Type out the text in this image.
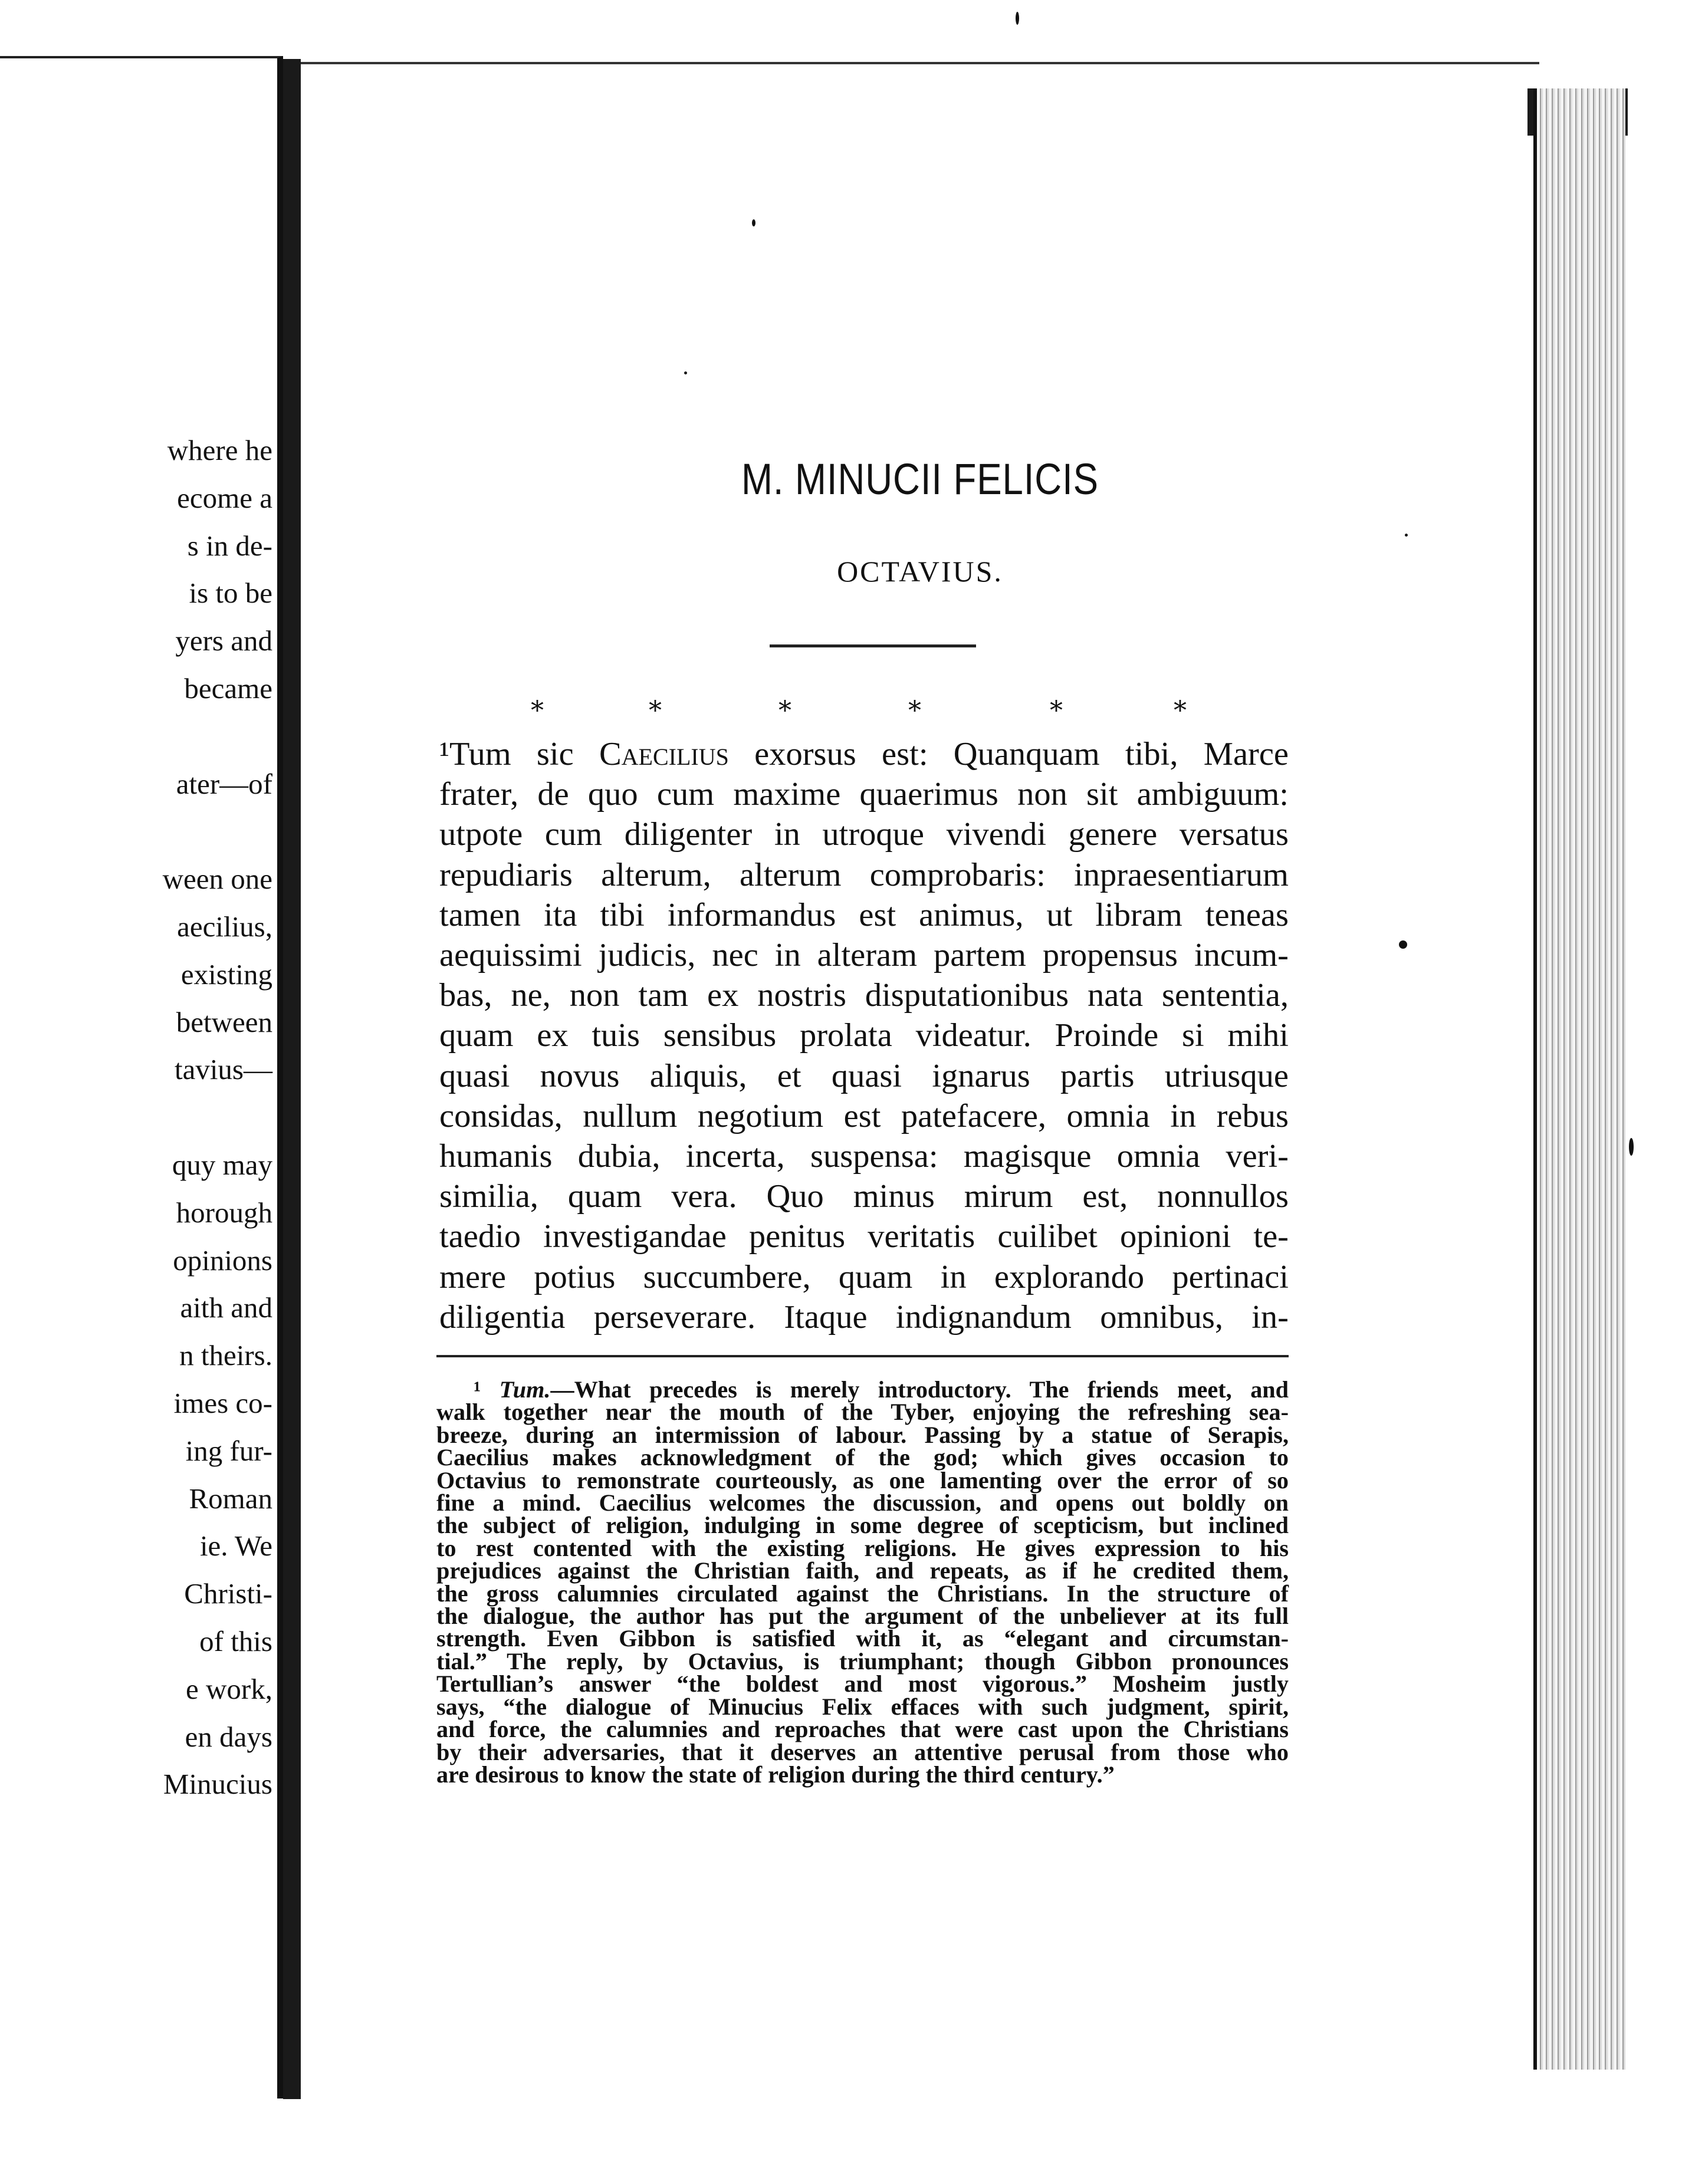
where he
ecome a
s in de-
is to be
yers and
became
ater—of
ween one
aecilius,
existing
between
tavius—
quy may
horough
opinions
aith and
n theirs.
imes co-
ing fur-
Roman
ie. We
Christi-
of this
e work,
en days
Minucius
M. MINUCII FELICIS
OCTAVIUS.
*	*	*	*	*	*
¹Tum sic Caecilius exorsus est: Quanquam tibi, Marce
frater, de quo cum maxime quaerimus non sit ambiguum:
utpote cum diligenter in utroque vivendi genere versatus
repudiaris alterum, alterum comprobaris: inpraesentiarum
tamen ita tibi informandus est animus, ut libram teneas
aequissimi judicis, nec in alteram partem propensus incum-
bas, ne, non tam ex nostris disputationibus nata sententia,
quam ex tuis sensibus prolata videatur. Proinde si mihi
quasi novus aliquis, et quasi ignarus partis utriusque
considas, nullum negotium est patefacere, omnia in rebus
humanis dubia, incerta, suspensa: magisque omnia veri-
similia, quam vera. Quo minus mirum est, nonnullos
taedio investigandae penitus veritatis cuilibet opinioni te-
mere potius succumbere, quam in explorando pertinaci
diligentia perseverare. Itaque indignandum omnibus, in-
¹ Tum.—What precedes is merely introductory. The friends meet, and
walk together near the mouth of the Tyber, enjoying the refreshing sea-
breeze, during an intermission of labour. Passing by a statue of Serapis,
Caecilius makes acknowledgment of the god; which gives occasion to
Octavius to remonstrate courteously, as one lamenting over the error of so
fine a mind. Caecilius welcomes the discussion, and opens out boldly on
the subject of religion, indulging in some degree of scepticism, but inclined
to rest contented with the existing religions. He gives expression to his
prejudices against the Christian faith, and repeats, as if he credited them,
the gross calumnies circulated against the Christians. In the structure of
the dialogue, the author has put the argument of the unbeliever at its full
strength. Even Gibbon is satisfied with it, as “elegant and circumstan-
tial.” The reply, by Octavius, is triumphant; though Gibbon pronounces
Tertullian’s answer “the boldest and most vigorous.” Mosheim justly
says, “the dialogue of Minucius Felix effaces with such judgment, spirit,
and force, the calumnies and reproaches that were cast upon the Christians
by their adversaries, that it deserves an attentive perusal from those who
are desirous to know the state of religion during the third century.”
